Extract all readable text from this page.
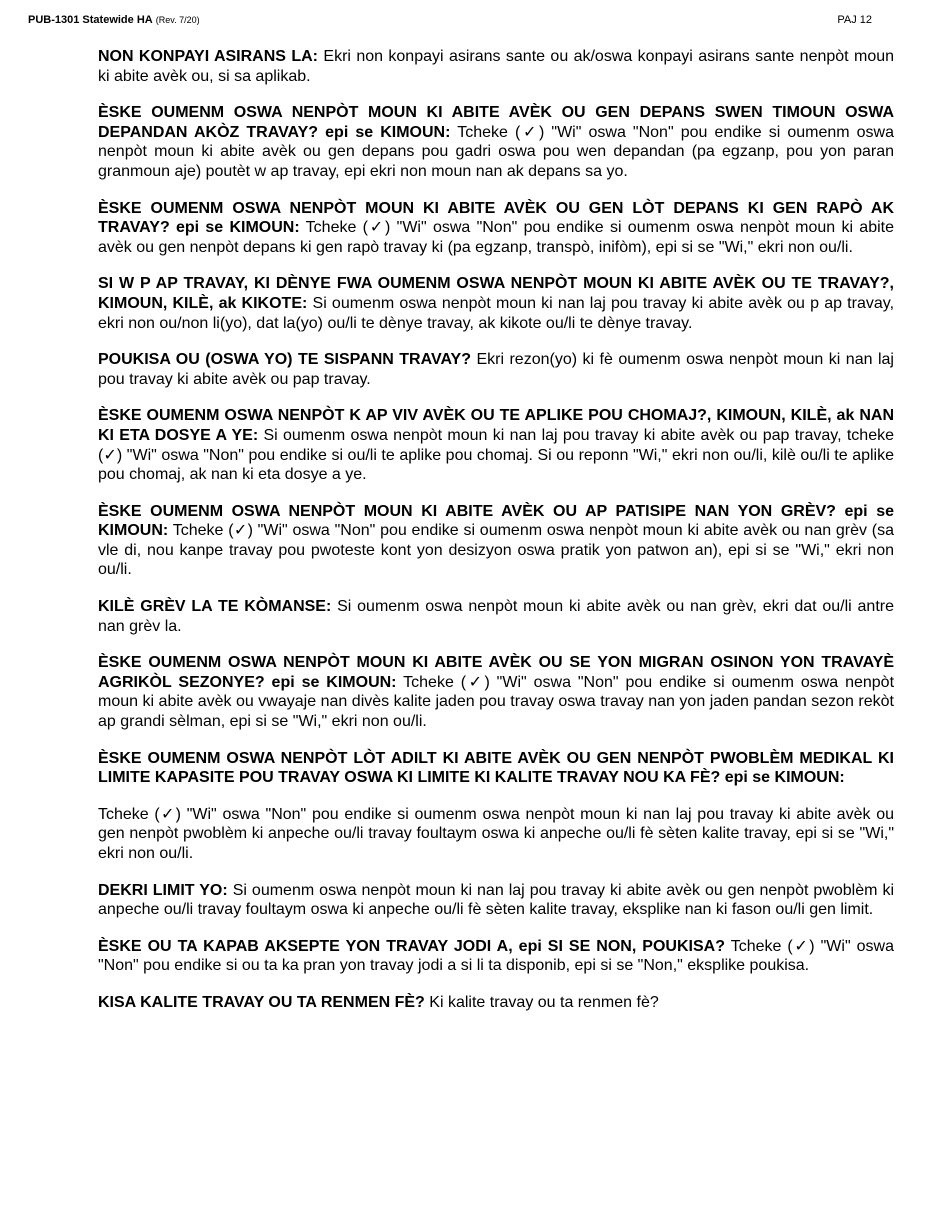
PUB-1301 Statewide HA (Rev. 7/20)	PAJ 12

NON KONPAYI ASIRANS LA: Ekri non konpayi asirans sante ou ak/oswa konpayi asirans sante nenpòt moun ki abite avèk ou, si sa aplikab.

ÈSKE OUMENM OSWA NENPÒT MOUN KI ABITE AVÈK OU GEN DEPANS SWEN TIMOUN OSWA DEPANDAN AKÒZ TRAVAY? epi se KIMOUN: Tcheke (✓) "Wi" oswa "Non" pou endike si oumenm oswa nenpòt moun ki abite avèk ou gen depans pou gadri oswa pou wen depandan (pa egzanp, pou yon paran granmoun aje) poutèt w ap travay, epi ekri non moun nan ak depans sa yo.

ÈSKE OUMENM OSWA NENPÒT MOUN KI ABITE AVÈK OU GEN LÒT DEPANS KI GEN RAPÒ AK TRAVAY? epi se KIMOUN: Tcheke (✓) "Wi" oswa "Non" pou endike si oumenm oswa nenpòt moun ki abite avèk ou gen nenpòt depans ki gen rapò travay ki (pa egzanp, transpò, inifòm), epi si se "Wi," ekri non ou/li.

SI W P AP TRAVAY, KI DÈNYE FWA OUMENM OSWA NENPÒT MOUN KI ABITE AVÈK OU TE TRAVAY?, KIMOUN, KILÈ, ak KIKOTE: Si oumenm oswa nenpòt moun ki nan laj pou travay ki abite avèk ou p ap travay, ekri non ou/non li(yo), dat la(yo) ou/li te dènye travay, ak kikote ou/li te dènye travay.

POUKISA OU (OSWA YO) TE SISPANN TRAVAY? Ekri rezon(yo) ki fè oumenm oswa nenpòt moun ki nan laj pou travay ki abite avèk ou pap travay.

ÈSKE OUMENM OSWA NENPÒT K AP VIV AVÈK OU TE APLIKE POU CHOMAJ?, KIMOUN, KILÈ, ak NAN KI ETA DOSYE A YE: Si oumenm oswa nenpòt moun ki nan laj pou travay ki abite avèk ou pap travay, tcheke (✓) "Wi" oswa "Non" pou endike si ou/li te aplike pou chomaj. Si ou reponn "Wi," ekri non ou/li, kilè ou/li te aplike pou chomaj, ak nan ki eta dosye a ye.

ÈSKE OUMENM OSWA NENPÒT MOUN KI ABITE AVÈK OU AP PATISIPE NAN YON GRÈV? epi se KIMOUN: Tcheke (✓) "Wi" oswa "Non" pou endike si oumenm oswa nenpòt moun ki abite avèk ou nan grèv (sa vle di, nou kanpe travay pou pwoteste kont yon desizyon oswa pratik yon patwon an), epi si se "Wi," ekri non ou/li.

KILÈ GRÈV LA TE KÒMANSE: Si oumenm oswa nenpòt moun ki abite avèk ou nan grèv, ekri dat ou/li antre nan grèv la.

ÈSKE OUMENM OSWA NENPÒT MOUN KI ABITE AVÈK OU SE YON MIGRAN OSINON YON TRAVAYÈ AGRIKÒL SEZONYE? epi se KIMOUN: Tcheke (✓) "Wi" oswa "Non" pou endike si oumenm oswa nenpòt moun ki abite avèk ou vwayaje nan divès kalite jaden pou travay oswa travay nan yon jaden pandan sezon rekòt ap grandi sèlman, epi si se "Wi," ekri non ou/li.

ÈSKE OUMENM OSWA NENPÒT LÒT ADILT KI ABITE AVÈK OU GEN NENPÒT PWOBLÈM MEDIKAL KI LIMITE KAPASITE POU TRAVAY OSWA KI LIMITE KI KALITE TRAVAY NOU KA FÈ? epi se KIMOUN:

Tcheke (✓) "Wi" oswa "Non" pou endike si oumenm oswa nenpòt moun ki nan laj pou travay ki abite avèk ou gen nenpòt pwoblèm ki anpeche ou/li travay foultaym oswa ki anpeche ou/li fè sèten kalite travay, epi si se "Wi," ekri non ou/li.

DEKRI LIMIT YO: Si oumenm oswa nenpòt moun ki nan laj pou travay ki abite avèk ou gen nenpòt pwoblèm ki anpeche ou/li travay foultaym oswa ki anpeche ou/li fè sèten kalite travay, eksplike nan ki fason ou/li gen limit.

ÈSKE OU TA KAPAB AKSEPTE YON TRAVAY JODI A, epi SI SE NON, POUKISA? Tcheke (✓) "Wi" oswa "Non" pou endike si ou ta ka pran yon travay jodi a si li ta disponib, epi si se "Non," eksplike poukisa.

KISA KALITE TRAVAY OU TA RENMEN FÈ? Ki kalite travay ou ta renmen fè?
